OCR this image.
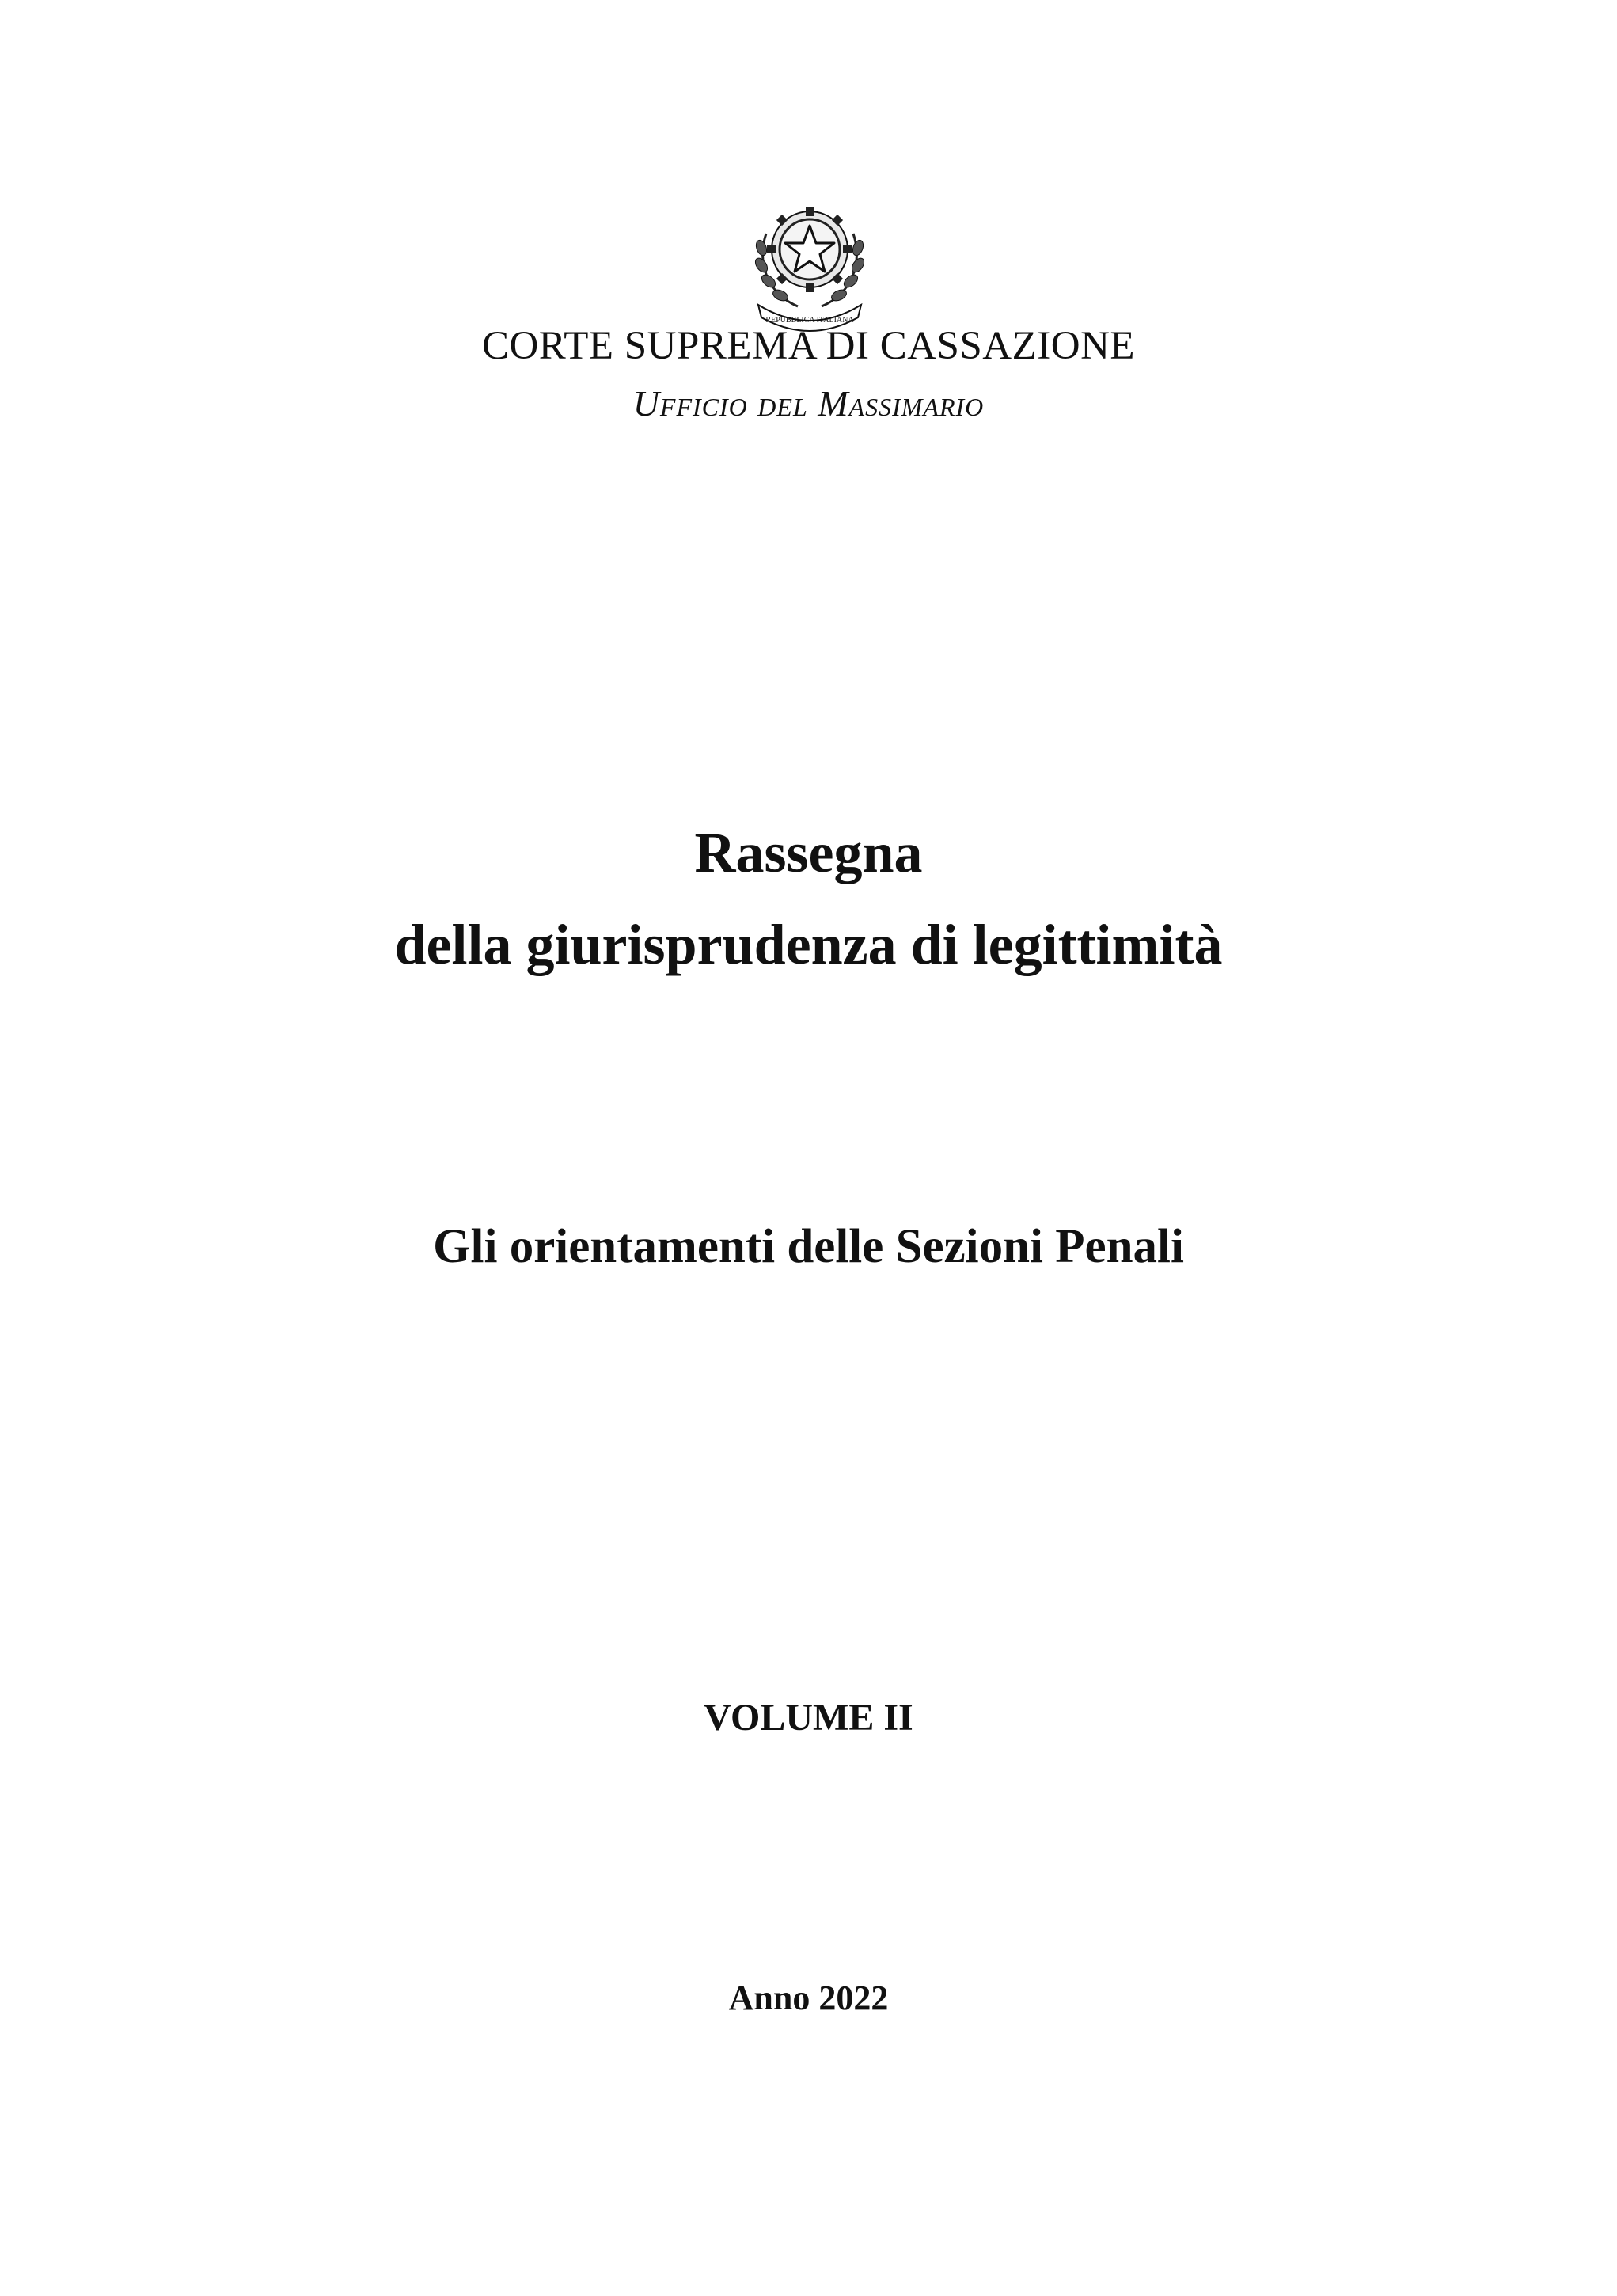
REPUBBLICA ITALIANA
CORTE SUPREMA DI CASSAZIONE
Ufficio del Massimario
Rassegna
della giurisprudenza di legittimità
Gli orientamenti delle Sezioni Penali
VOLUME II
Anno 2022
